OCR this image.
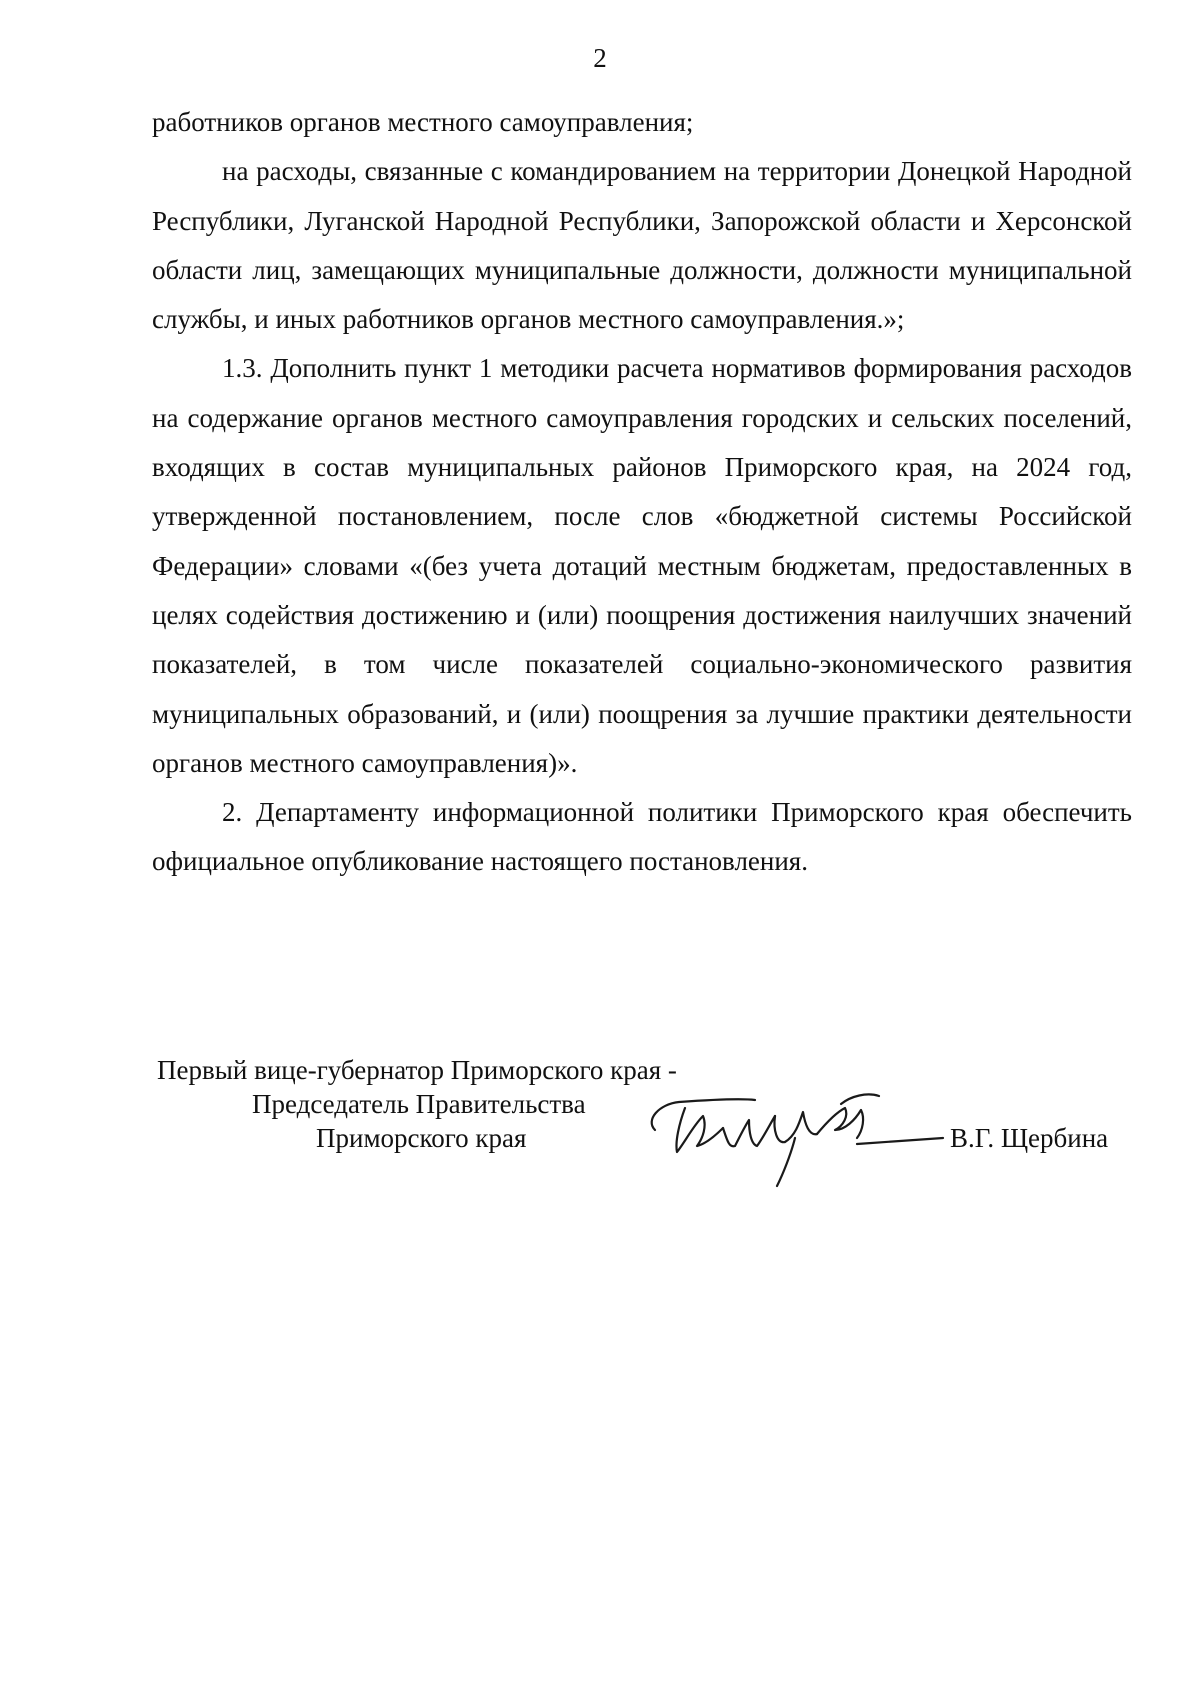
2

работников органов местного самоуправления;

на расходы, связанные с командированием на территории Донецкой Народной Республики, Луганской Народной Республики, Запорожской области и Херсонской области лиц, замещающих муниципальные должности, должности муниципальной службы, и иных работников органов местного самоуправления.»;

1.3. Дополнить пункт 1 методики расчета нормативов формирования расходов на содержание органов местного самоуправления городских и сельских поселений, входящих в состав муниципальных районов Приморского края, на 2024 год, утвержденной постановлением, после слов «бюджетной системы Российской Федерации» словами «(без учета дотаций местным бюджетам, предоставленных в целях содействия достижению и (или) поощрения достижения наилучших значений показателей, в том числе показателей социально-экономического развития муниципальных образований, и (или) поощрения за лучшие практики деятельности органов местного самоуправления)».

2. Департаменту информационной политики Приморского края обеспечить официальное опубликование настоящего постановления.

Первый вице-губернатор Приморского края -
Председатель Правительства
Приморского края	В.Г. Щербина
